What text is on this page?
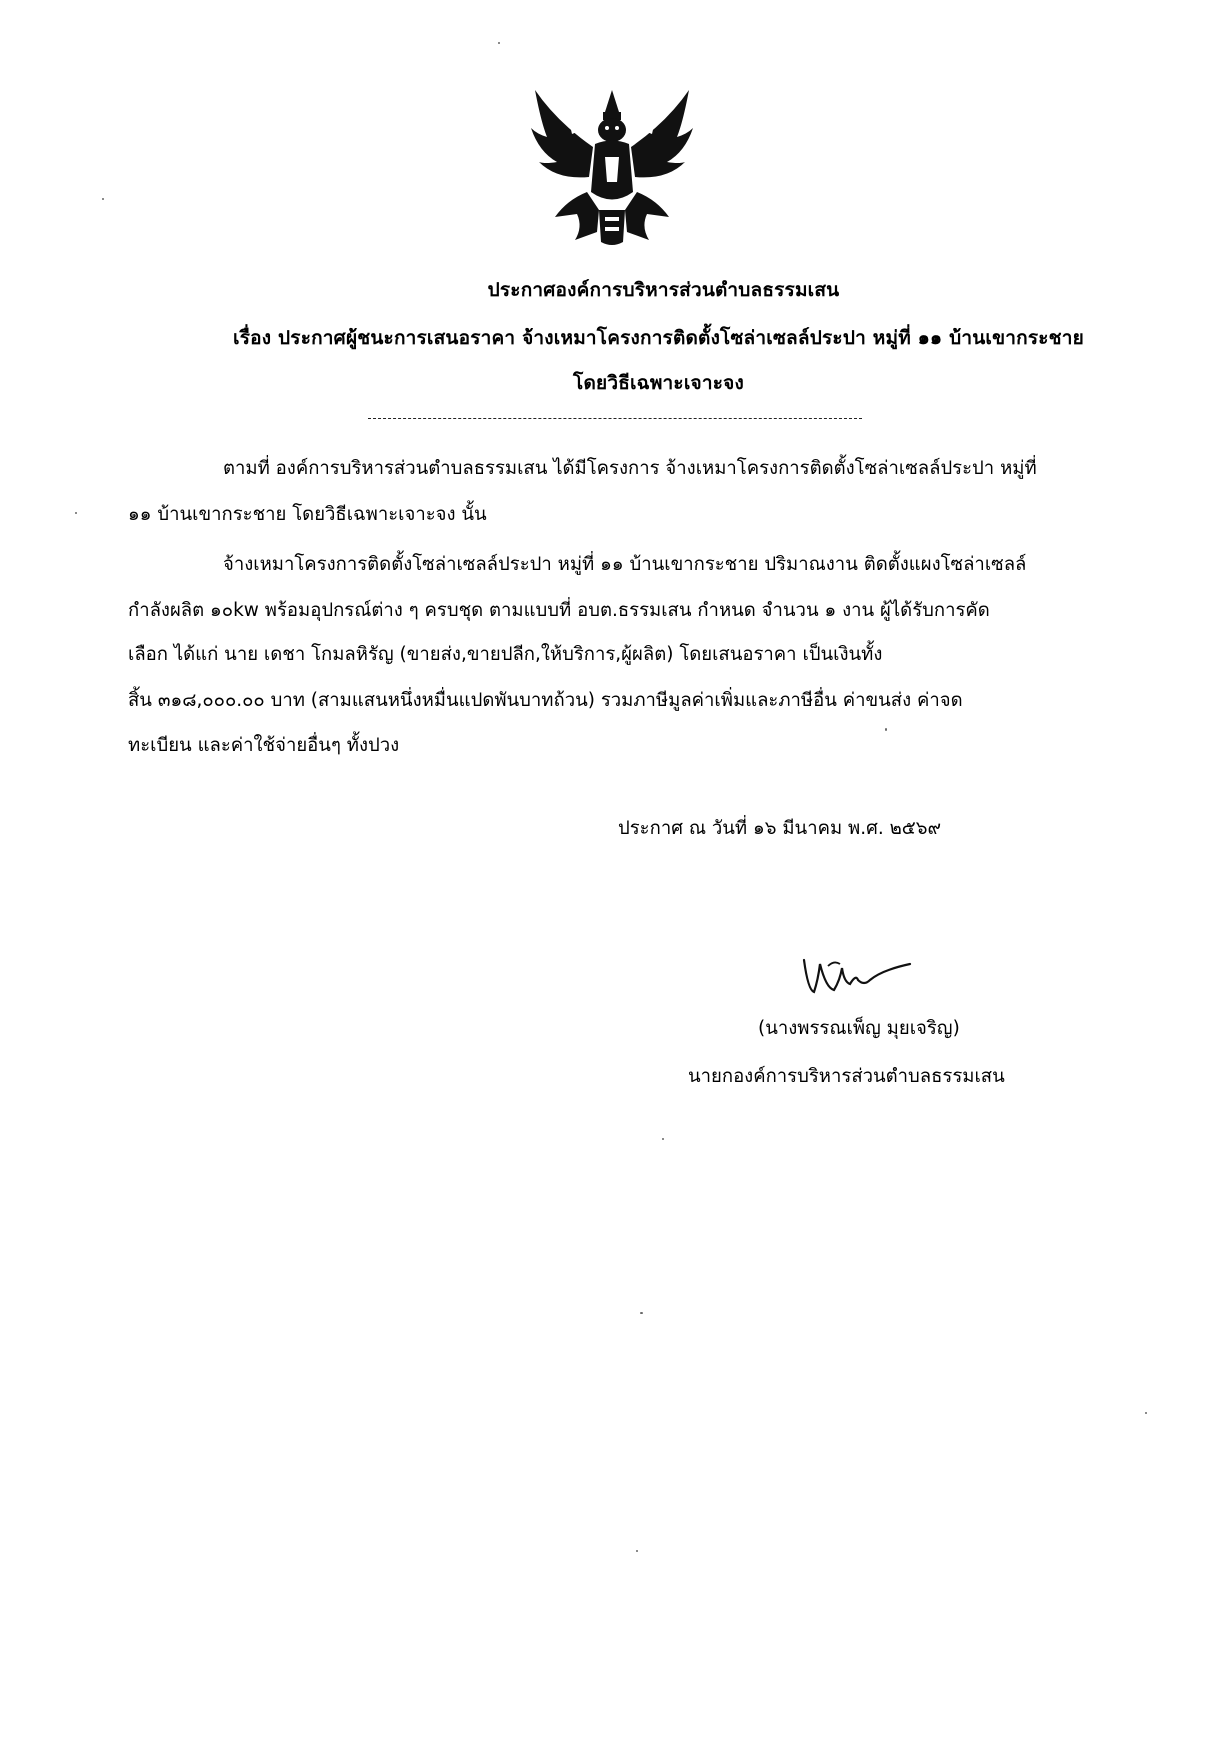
ประกาศองค์การบริหารส่วนตำบลธรรมเสน
เรื่อง ประกาศผู้ชนะการเสนอราคา จ้างเหมาโครงการติดตั้งโซล่าเซลล์ประปา หมู่ที่ ๑๑ บ้านเขากระชาย
โดยวิธีเฉพาะเจาะจง
ตามที่ องค์การบริหารส่วนตำบลธรรมเสน ได้มีโครงการ จ้างเหมาโครงการติดตั้งโซล่าเซลล์ประปา หมู่ที่
๑๑ บ้านเขากระชาย โดยวิธีเฉพาะเจาะจง นั้น
จ้างเหมาโครงการติดตั้งโซล่าเซลล์ประปา หมู่ที่ ๑๑ บ้านเขากระชาย ปริมาณงาน ติดตั้งแผงโซล่าเซลล์
กำลังผลิต ๑๐kw พร้อมอุปกรณ์ต่าง ๆ ครบชุด ตามแบบที่ อบต.ธรรมเสน กำหนด จำนวน ๑ งาน ผู้ได้รับการคัด
เลือก ได้แก่ นาย เดชา โกมลหิรัญ (ขายส่ง,ขายปลีก,ให้บริการ,ผู้ผลิต) โดยเสนอราคา เป็นเงินทั้ง
สิ้น ๓๑๘,๐๐๐.๐๐ บาท (สามแสนหนึ่งหมื่นแปดพันบาทถ้วน) รวมภาษีมูลค่าเพิ่มและภาษีอื่น ค่าขนส่ง ค่าจด
ทะเบียน และค่าใช้จ่ายอื่นๆ ทั้งปวง
ประกาศ ณ วันที่ ๑๖ มีนาคม พ.ศ. ๒๕๖๙
(นางพรรณเพ็ญ มุยเจริญ)
นายกองค์การบริหารส่วนตำบลธรรมเสน
